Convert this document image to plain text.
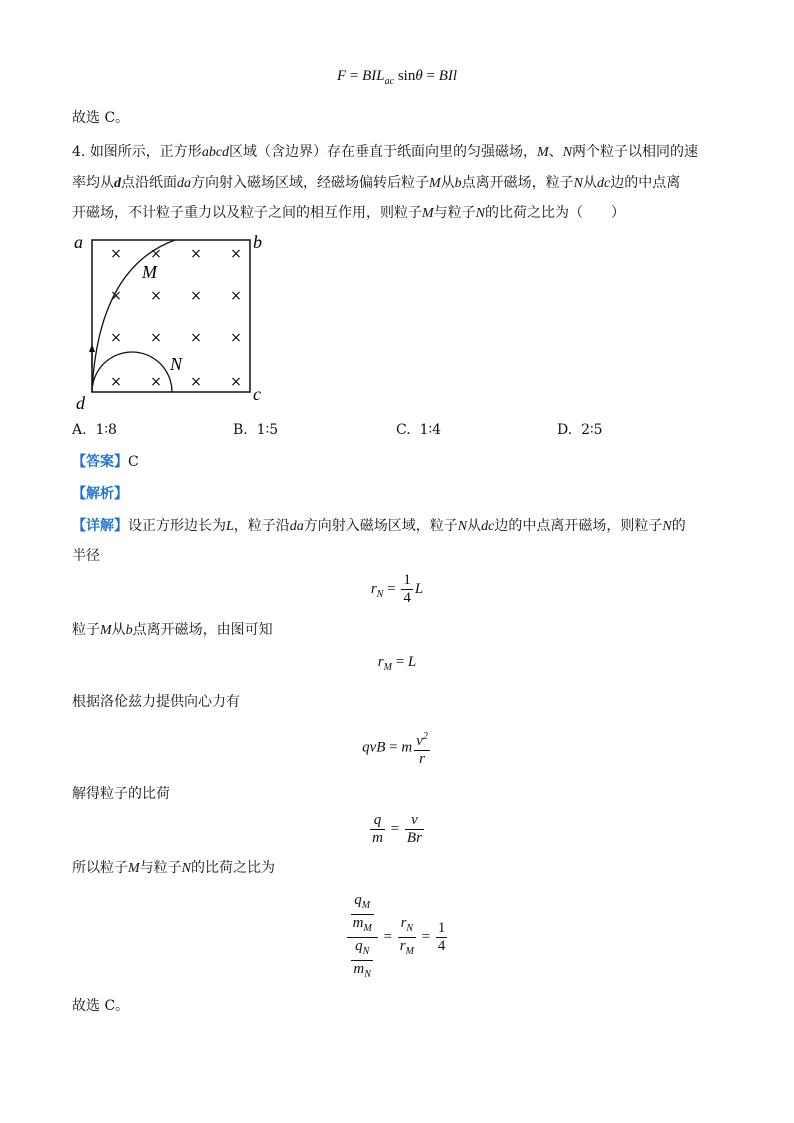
$F = BIL_{ac}$ sinθ = BIl
故选 C。
4. 如图所示，正方形abcd区域（含边界）存在垂直于纸面向里的匀强磁场，M、N两个粒子以相同的速
率均从d点沿纸面da方向射入磁场区域，经磁场偏转后粒子M从b点离开磁场，粒子N从dc边的中点离
开磁场，不计粒子重力以及粒子之间的相互作用，则粒子M与粒子N的比荷之比为（　　）
× × × ×
× × × ×
× × × ×
× × × ×
a	b
c
d
M
N
A. 1∶8	B. 1∶5	C. 1∶4	D. 2∶5
【答案】C
【解析】
【详解】设正方形边长为L，粒子沿da方向射入磁场区域，粒子N从dc边的中点离开磁场，则粒子N的
半径
$r_N = \frac{1}{4}$ L
粒子M从b点离开磁场，由图可知
$r_M = L$
根据洛伦兹力提供向心力有
qvB = m $\frac{v^2}{r}$
解得粒子的比荷
$\frac{q}{m} = \frac{v}{Br}$
所以粒子M与粒子N的比荷之比为
$\frac{\frac{q_M}{m_M}}{\frac{q_N}{m_N}} = \frac{r_N}{r_M} = \frac{1}{4}$
故选 C。
